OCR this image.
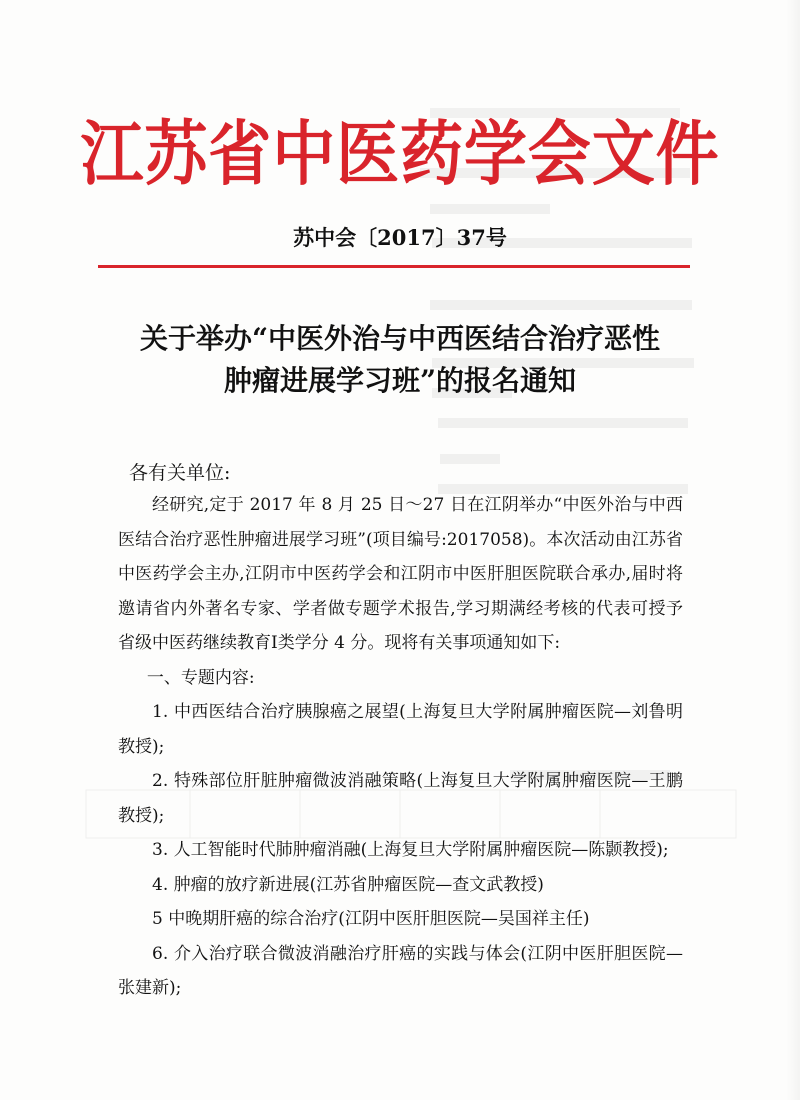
江苏省中医药学会文件
苏中会〔2017〕37号
关于举办“中医外治与中西医结合治疗恶性
肿瘤进展学习班”的报名通知
各有关单位:

经研究,定于 2017 年 8 月 25 日～27 日在江阴举办“中医外治与中西医结合治疗恶性肿瘤进展学习班”(项目编号:2017058)。本次活动由江苏省中医药学会主办,江阴市中医药学会和江阴市中医肝胆医院联合承办,届时将邀请省内外著名专家、学者做专题学术报告,学习期满经考核的代表可授予省级中医药继续教育Ⅰ类学分 4 分。现将有关事项通知如下:

一、专题内容:

1. 中西医结合治疗胰腺癌之展望(上海复旦大学附属肿瘤医院—刘鲁明教授);

2. 特殊部位肝脏肿瘤微波消融策略(上海复旦大学附属肿瘤医院—王鹏教授);

3. 人工智能时代肺肿瘤消融(上海复旦大学附属肿瘤医院—陈颢教授);

4. 肿瘤的放疗新进展(江苏省肿瘤医院—查文武教授)

5 中晚期肝癌的综合治疗(江阴中医肝胆医院—吴国祥主任)

6. 介入治疗联合微波消融治疗肝癌的实践与体会(江阴中医肝胆医院—张建新);
